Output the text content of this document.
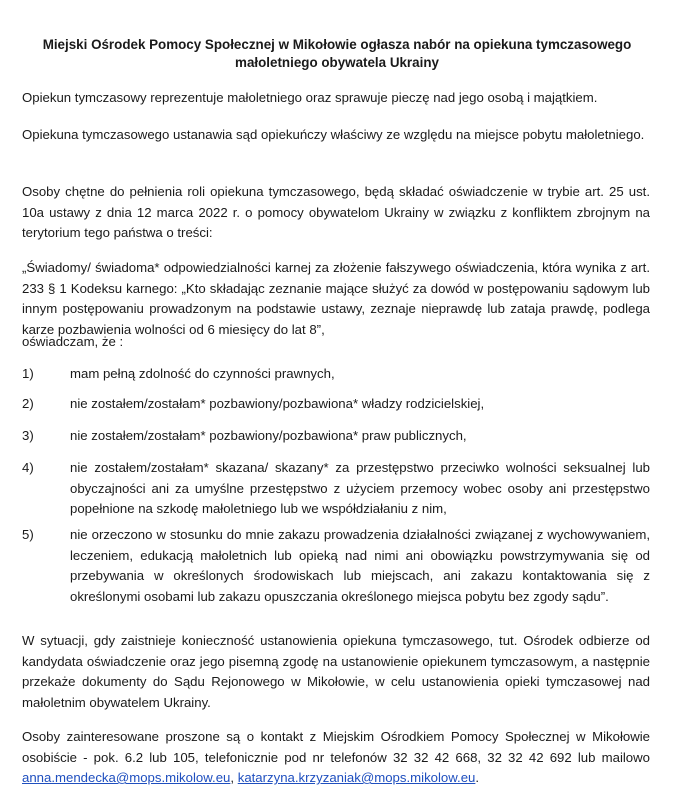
Miejski Ośrodek Pomocy Społecznej w Mikołowie ogłasza nabór na opiekuna tymczasowego małoletniego obywatela Ukrainy

Opiekun tymczasowy reprezentuje małoletniego oraz sprawuje pieczę nad jego osobą i majątkiem.

Opiekuna tymczasowego ustanawia sąd opiekuńczy właściwy ze względu na miejsce pobytu małoletniego.

Osoby chętne do pełnienia roli opiekuna tymczasowego, będą składać oświadczenie w trybie art. 25 ust. 10a ustawy z dnia 12 marca 2022 r. o pomocy obywatelom Ukrainy w związku z konfliktem zbrojnym na terytorium tego państwa o treści:

„Świadomy/ świadoma* odpowiedzialności karnej za złożenie fałszywego oświadczenia, która wynika z art. 233 § 1 Kodeksu karnego: „Kto składając zeznanie mające służyć za dowód w postępowaniu sądowym lub innym postępowaniu prowadzonym na podstawie ustawy, zeznaje nieprawdę lub zataja prawdę, podlega karze pozbawienia wolności od 6 miesięcy do lat 8”,

oświadczam, że :

1)	mam pełną zdolność do czynności prawnych,
2)	nie zostałem/zostałam* pozbawiony/pozbawiona* władzy rodzicielskiej,
3)	nie zostałem/zostałam* pozbawiony/pozbawiona* praw publicznych,
4)	nie zostałem/zostałam* skazana/ skazany* za przestępstwo przeciwko wolności seksualnej lub obyczajności ani za umyślne przestępstwo z użyciem przemocy wobec osoby ani przestępstwo popełnione na szkodę małoletniego lub we współdziałaniu z nim,
5)	nie orzeczono w stosunku do mnie zakazu prowadzenia działalności związanej z wychowywaniem, leczeniem, edukacją małoletnich lub opieką nad nimi ani obowiązku powstrzymywania się od przebywania w określonych środowiskach lub miejscach, ani zakazu kontaktowania się z określonymi osobami lub zakazu opuszczania określonego miejsca pobytu bez zgody sądu”.

W sytuacji, gdy zaistnieje konieczność ustanowienia opiekuna tymczasowego, tut. Ośrodek odbierze od kandydata oświadczenie oraz jego pisemną zgodę na ustanowienie opiekunem tymczasowym, a następnie przekaże dokumenty do Sądu Rejonowego w Mikołowie, w celu ustanowienia opieki tymczasowej nad małoletnim obywatelem Ukrainy.

Osoby zainteresowane proszone są o kontakt z Miejskim Ośrodkiem Pomocy Społecznej w Mikołowie osobiście - pok. 6.2 lub 105, telefonicznie pod nr telefonów 32 32 42 668, 32 32 42 692 lub mailowo anna.mendecka@mops.mikolow.eu, katarzyna.krzyzaniak@mops.mikolow.eu.
